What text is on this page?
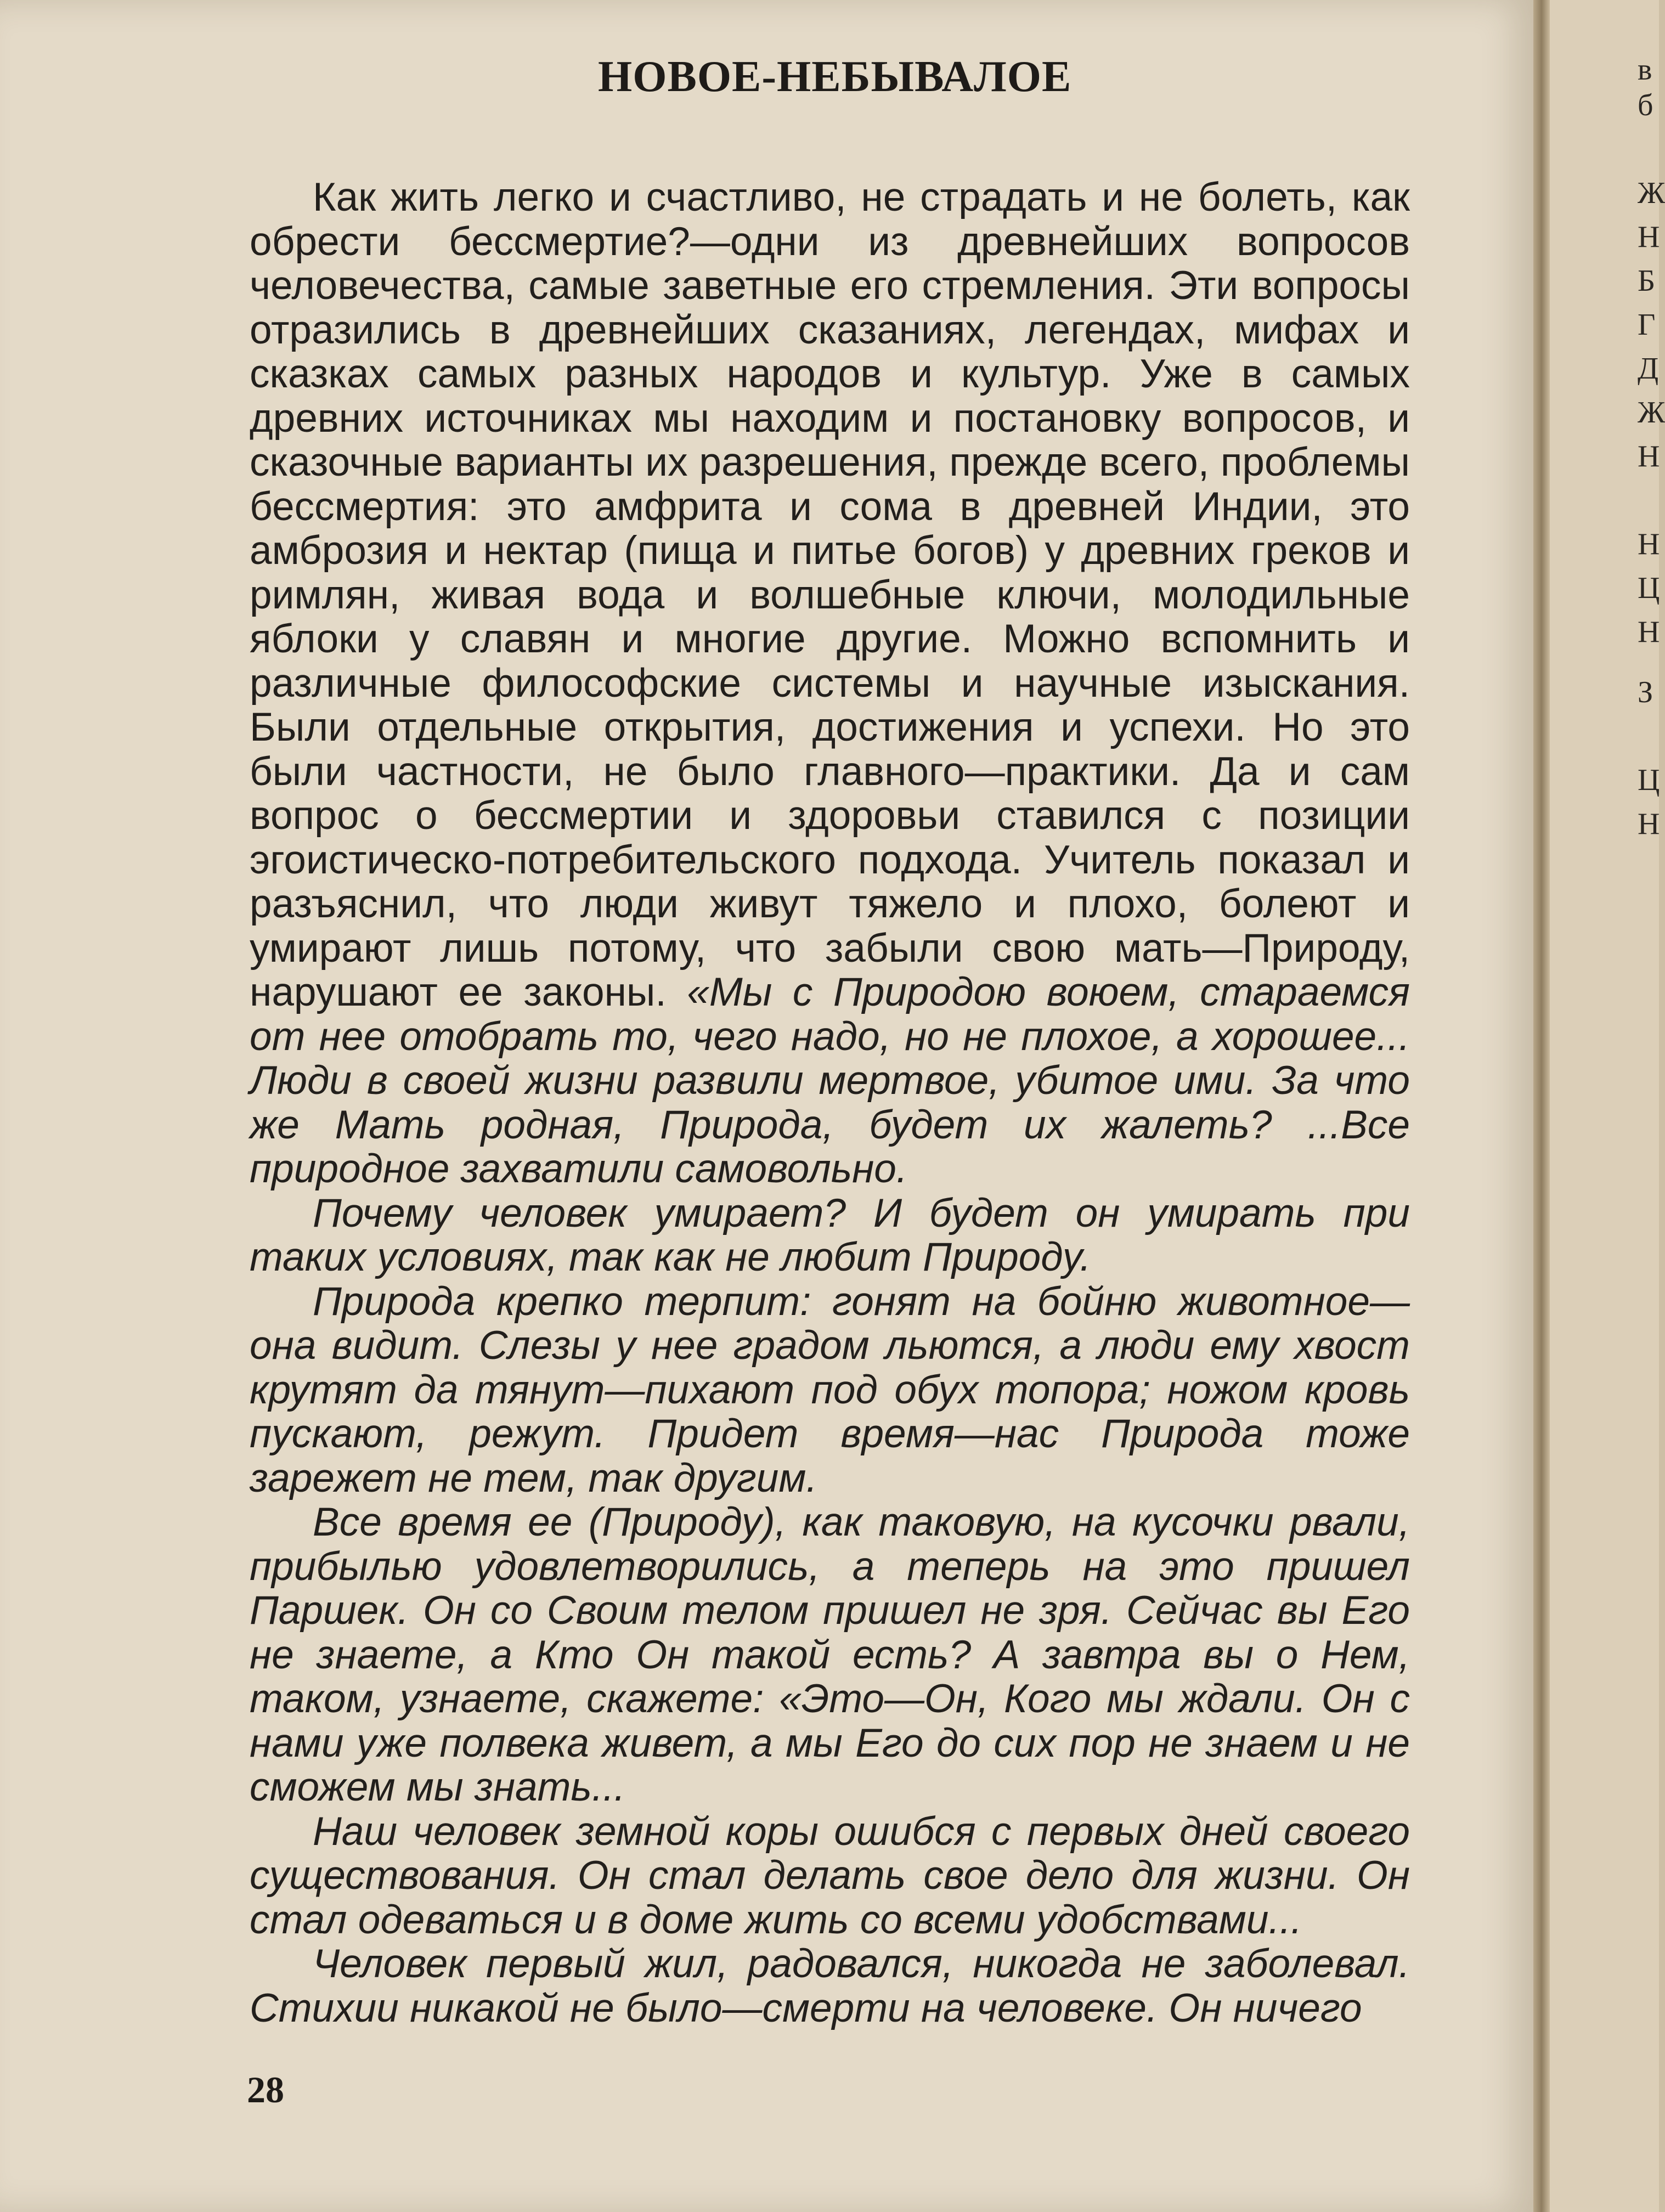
НОВОЕ-НЕБЫВАЛОЕ

Как жить легко и счастливо, не страдать и не болеть, как обрести бессмертие?—одни из древнейших вопросов человечества, самые заветные его стремления. Эти вопросы отразились в древнейших сказаниях, легендах, мифах и сказках самых разных народов и культур. Уже в самых древних источниках мы находим и постановку вопросов, и сказочные варианты их разрешения, прежде всего, проблемы бессмертия: это амфрита и сома в древней Индии, это амброзия и нектар (пища и питье богов) у древних греков и римлян, живая вода и волшебные ключи, молодильные яблоки у славян и многие другие. Можно вспомнить и различные философские системы и научные изыскания. Были отдельные открытия, достижения и успехи. Но это были частности, не было главного—практики. Да и сам вопрос о бессмертии и здоровьи ставился с позиции эгоистическо-потребительского подхода. Учитель показал и разъяснил, что люди живут тяжело и плохо, болеют и умирают лишь потому, что забыли свою мать—Природу, нарушают ее законы. «Мы с Природою воюем, стараемся от нее отобрать то, чего надо, но не плохое, а хорошее... Люди в своей жизни развили мертвое, убитое ими. За что же Мать родная, Природа, будет их жалеть? ...Все природное захватили самовольно.

Почему человек умирает? И будет он умирать при таких условиях, так как не любит Природу.

Природа крепко терпит: гонят на бойню животное—она видит. Слезы у нее градом льются, а люди ему хвост крутят да тянут—пихают под обух топора; ножом кровь пускают, режут. Придет время—нас Природа тоже зарежет не тем, так другим.

Все время ее (Природу), как таковую, на кусочки рвали, прибылью удовлетворились, а теперь на это пришел Паршек. Он со Своим телом пришел не зря. Сейчас вы Его не знаете, а Кто Он такой есть? А завтра вы о Нем, таком, узнаете, скажете: «Это—Он, Кого мы ждали. Он с нами уже полвека живет, а мы Его до сих пор не знаем и не сможем мы знать...

Наш человек земной коры ошибся с первых дней своего существования. Он стал делать свое дело для жизни. Он стал одеваться и в доме жить со всеми удобствами...

Человек первый жил, радовался, никогда не заболевал. Стихии никакой не было—смерти на человеке. Он ничего

28

в
б
Ж
Н
Б
Г
Д
Ж
Н
Н
Ц
Н
З
Ц
Н
